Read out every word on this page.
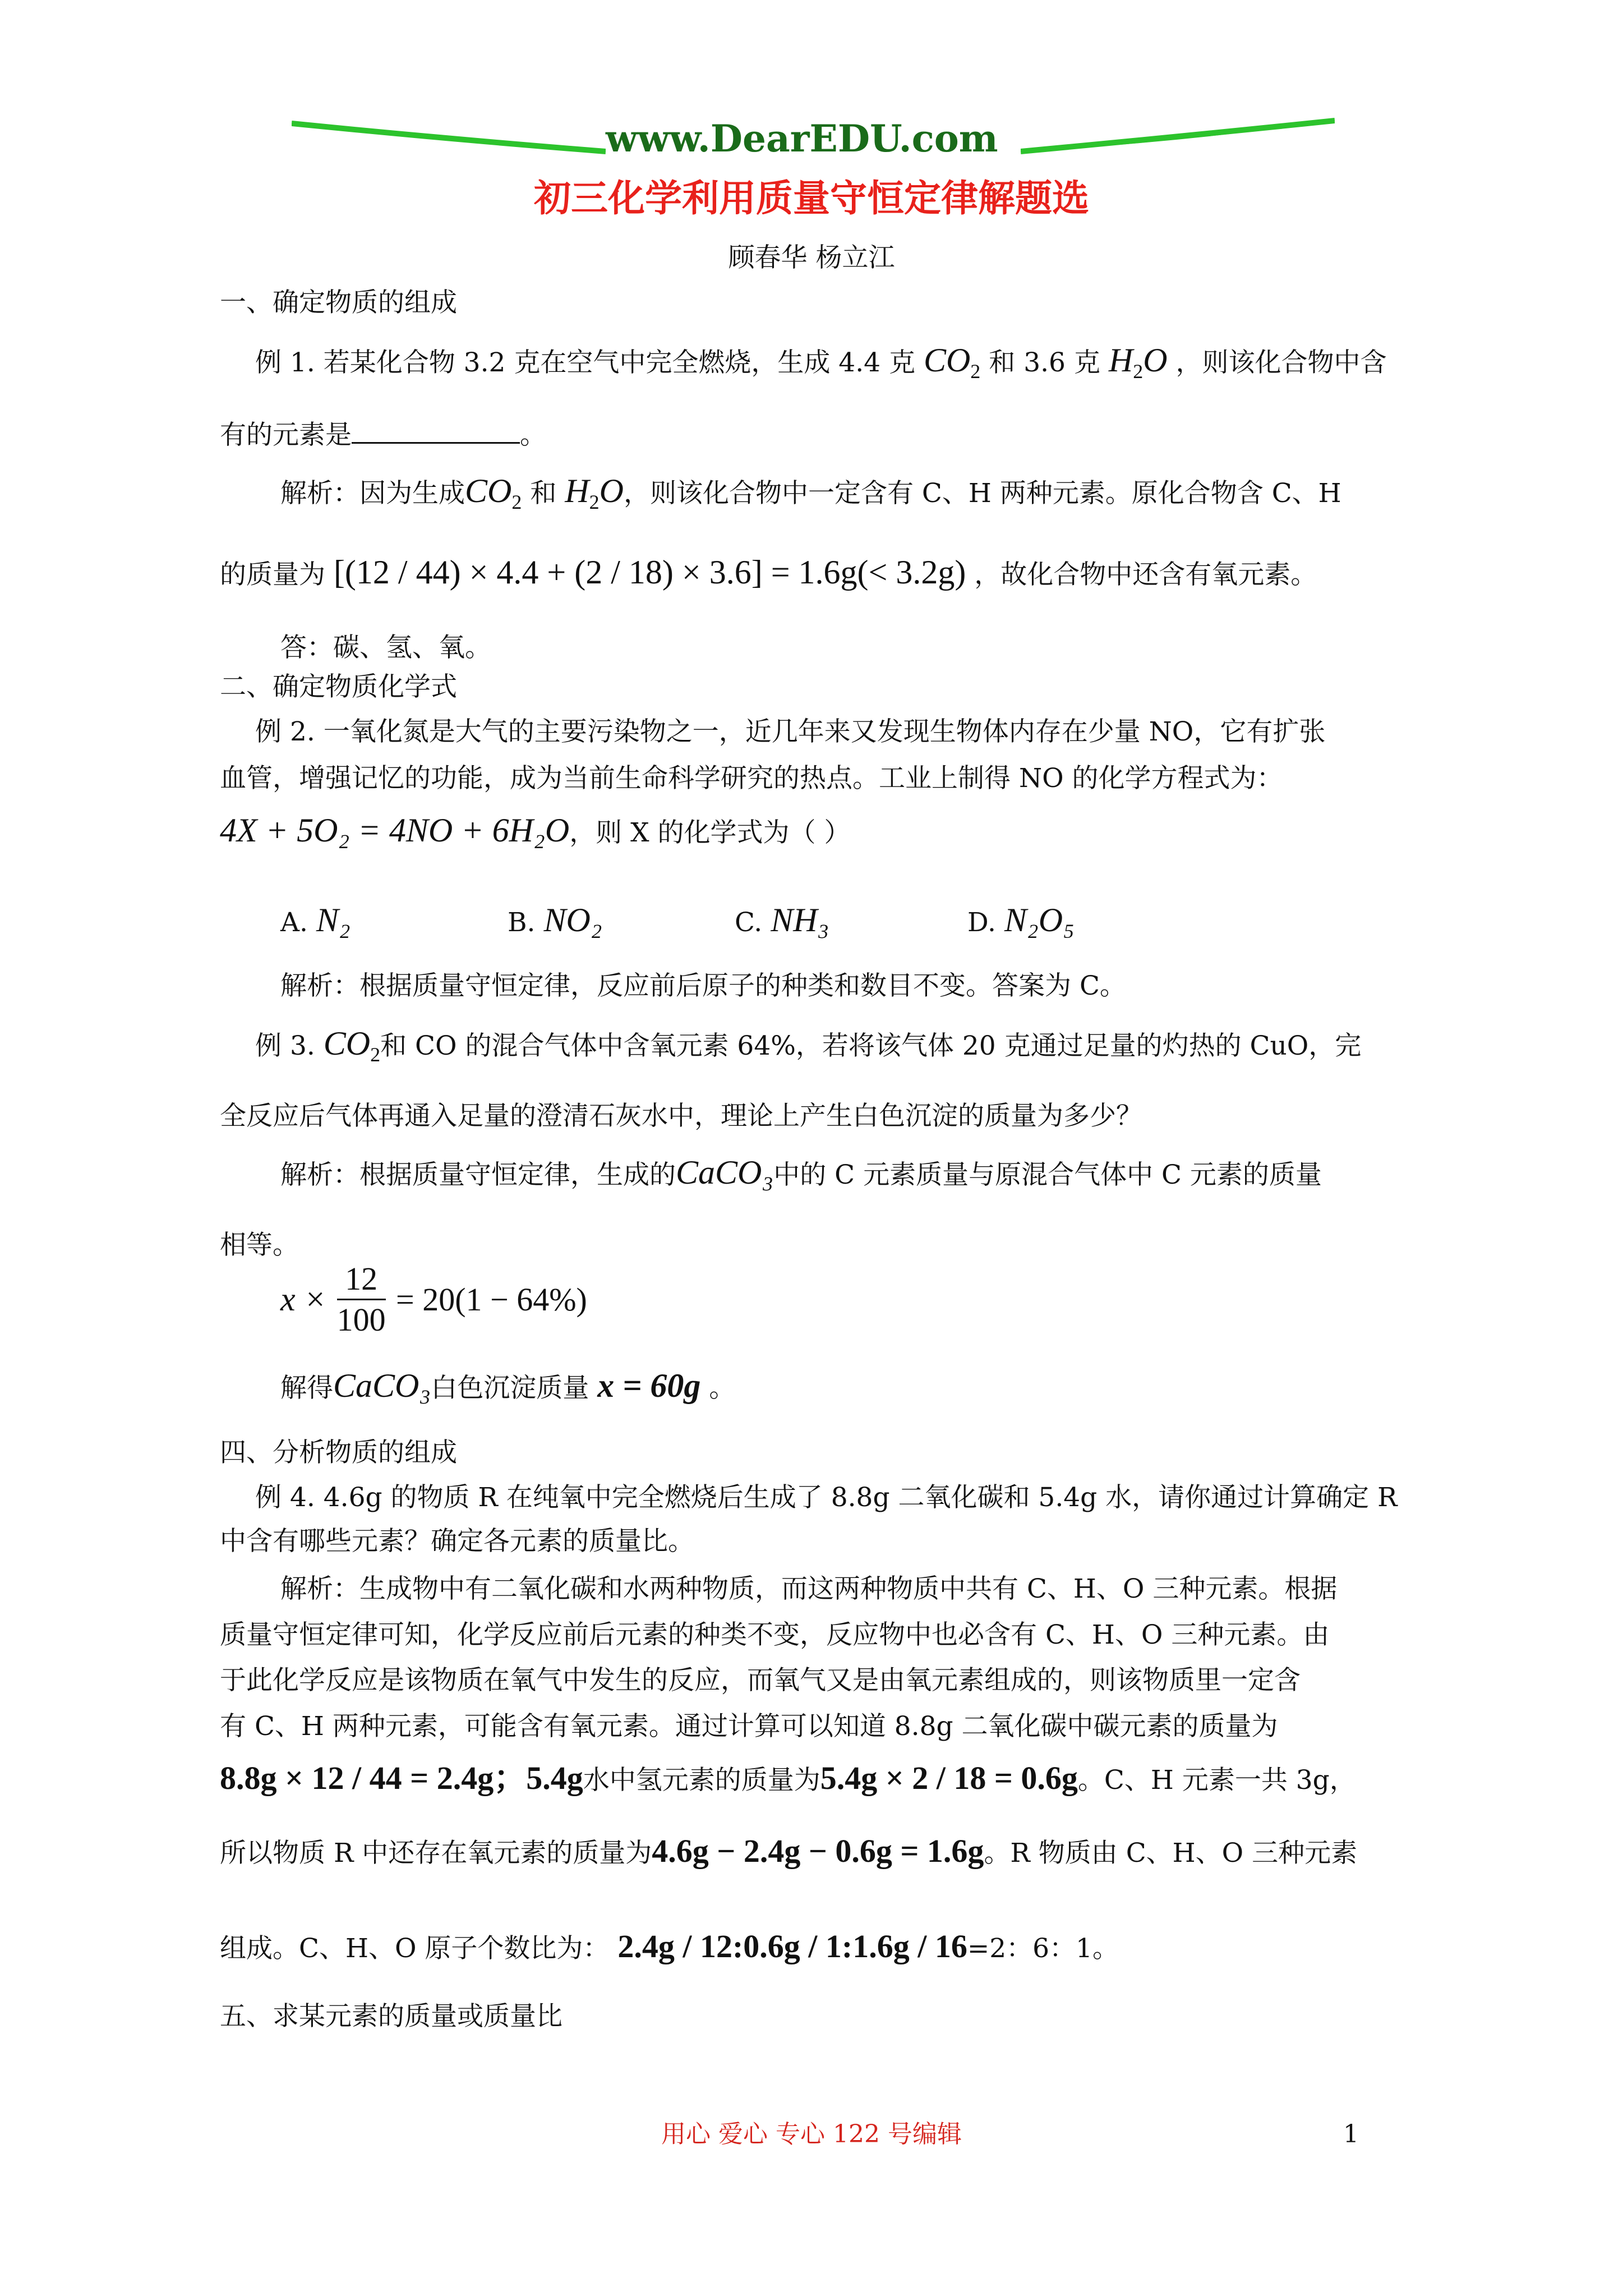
www.DearEDU.com
初三化学利用质量守恒定律解题选
顾春华 杨立江
一、确定物质的组成
例 1. 若某化合物 3.2 克在空气中完全燃烧，生成 4.4 克 $CO_2$ 和 3.6 克 $H_2O$ ，则该化合物中含
有的元素是	。
解析：因为生成$CO_2$ 和 $H_2O$，则该化合物中一定含有 C、H 两种元素。原化合物含 C、H
的质量为 [(12 / 44) × 4.4 + (2 / 18) × 3.6] = 1.6g(< 3.2g) ，故化合物中还含有氧元素。
答：碳、氢、氧。
二、确定物质化学式
例 2. 一氧化氮是大气的主要污染物之一，近几年来又发现生物体内存在少量 NO，它有扩张
血管，增强记忆的功能，成为当前生命科学研究的热点。工业上制得 NO 的化学方程式为：
4X + 5O₂ = 4NO + 6H₂O，则 X 的化学式为（ ）
A. N₂	B. NO₂	C. NH₃	D. N₂O₅
解析：根据质量守恒定律，反应前后原子的种类和数目不变。答案为 C。
例 3. $CO_2$和 CO 的混合气体中含氧元素 64%，若将该气体 20 克通过足量的灼热的 CuO，完
全反应后气体再通入足量的澄清石灰水中，理论上产生白色沉淀的质量为多少？
解析：根据质量守恒定律，生成的CaCO₃中的 C 元素质量与原混合气体中 C 元素的质量
相等。
$x \times \frac{12}{100} = 20(1 - 64\%)$
解得CaCO₃白色沉淀质量 x = 60g 。
四、分析物质的组成
例 4. 4.6g 的物质 R 在纯氧中完全燃烧后生成了 8.8g 二氧化碳和 5.4g 水，请你通过计算确定 R
中含有哪些元素？确定各元素的质量比。
解析：生成物中有二氧化碳和水两种物质，而这两种物质中共有 C、H、O 三种元素。根据
质量守恒定律可知，化学反应前后元素的种类不变，反应物中也必含有 C、H、O 三种元素。由
于此化学反应是该物质在氧气中发生的反应，而氧气又是由氧元素组成的，则该物质里一定含
有 C、H 两种元素，可能含有氧元素。通过计算可以知道 8.8g 二氧化碳中碳元素的质量为
8.8g × 12 / 44 = 2.4g；5.4g水中氢元素的质量为5.4g × 2 / 18 = 0.6g。C、H 元素一共 3g，
所以物质 R 中还存在氧元素的质量为4.6g − 2.4g − 0.6g = 1.6g。R 物质由 C、H、O 三种元素
组成。C、H、O 原子个数比为： 2.4g / 12:0.6g / 1:1.6g / 16=2：6：1。
五、求某元素的质量或质量比
用心 爱心 专心 122 号编辑	1
